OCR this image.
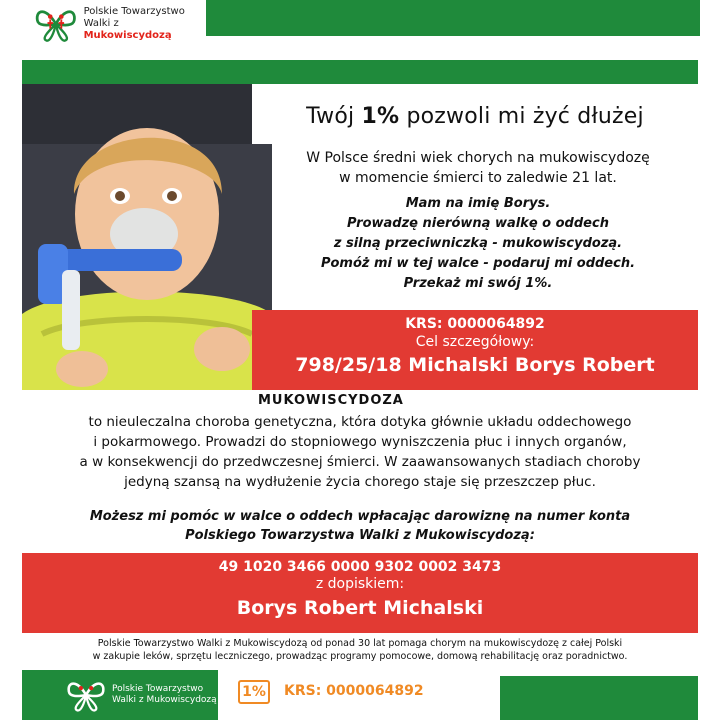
Polskie Towarzystwo
Walki z Mukowiscydozą
Twój 1% pozwoli mi żyć dłużej
W Polsce średni wiek chorych na mukowiscydozę
w momencie śmierci to zaledwie 21 lat.
Mam na imię Borys.
Prowadzę nierówną walkę o oddech
z silną przeciwniczką - mukowiscydozą.
Pomóż mi w tej walce - podaruj mi oddech.
Przekaż mi swój 1%.
KRS: 0000064892
Cel szczegółowy:
798/25/18 Michalski Borys Robert
MUKOWISCYDOZA
to nieuleczalna choroba genetyczna, która dotyka głównie układu oddechowego
i pokarmowego. Prowadzi do stopniowego wyniszczenia płuc i innych organów,
a w konsekwencji do przedwczesnej śmierci. W zaawansowanych stadiach choroby
jedyną szansą na wydłużenie życia chorego staje się przeszczep płuc.
Możesz mi pomóc w walce o oddech wpłacając darowiznę na numer konta
Polskiego Towarzystwa Walki z Mukowiscydozą:
49 1020 3466 0000 9302 0002 3473
z dopiskiem:
Borys Robert Michalski
Polskie Towarzystwo Walki z Mukowiscydozą od ponad 30 lat pomaga chorym na mukowiscydozę z całej Polski
w zakupie leków, sprzętu leczniczego, prowadząc programy pomocowe, domową rehabilitację oraz poradnictwo.
Polskie Towarzystwo
Walki z Mukowiscydozą 1% KRS: 0000064892
